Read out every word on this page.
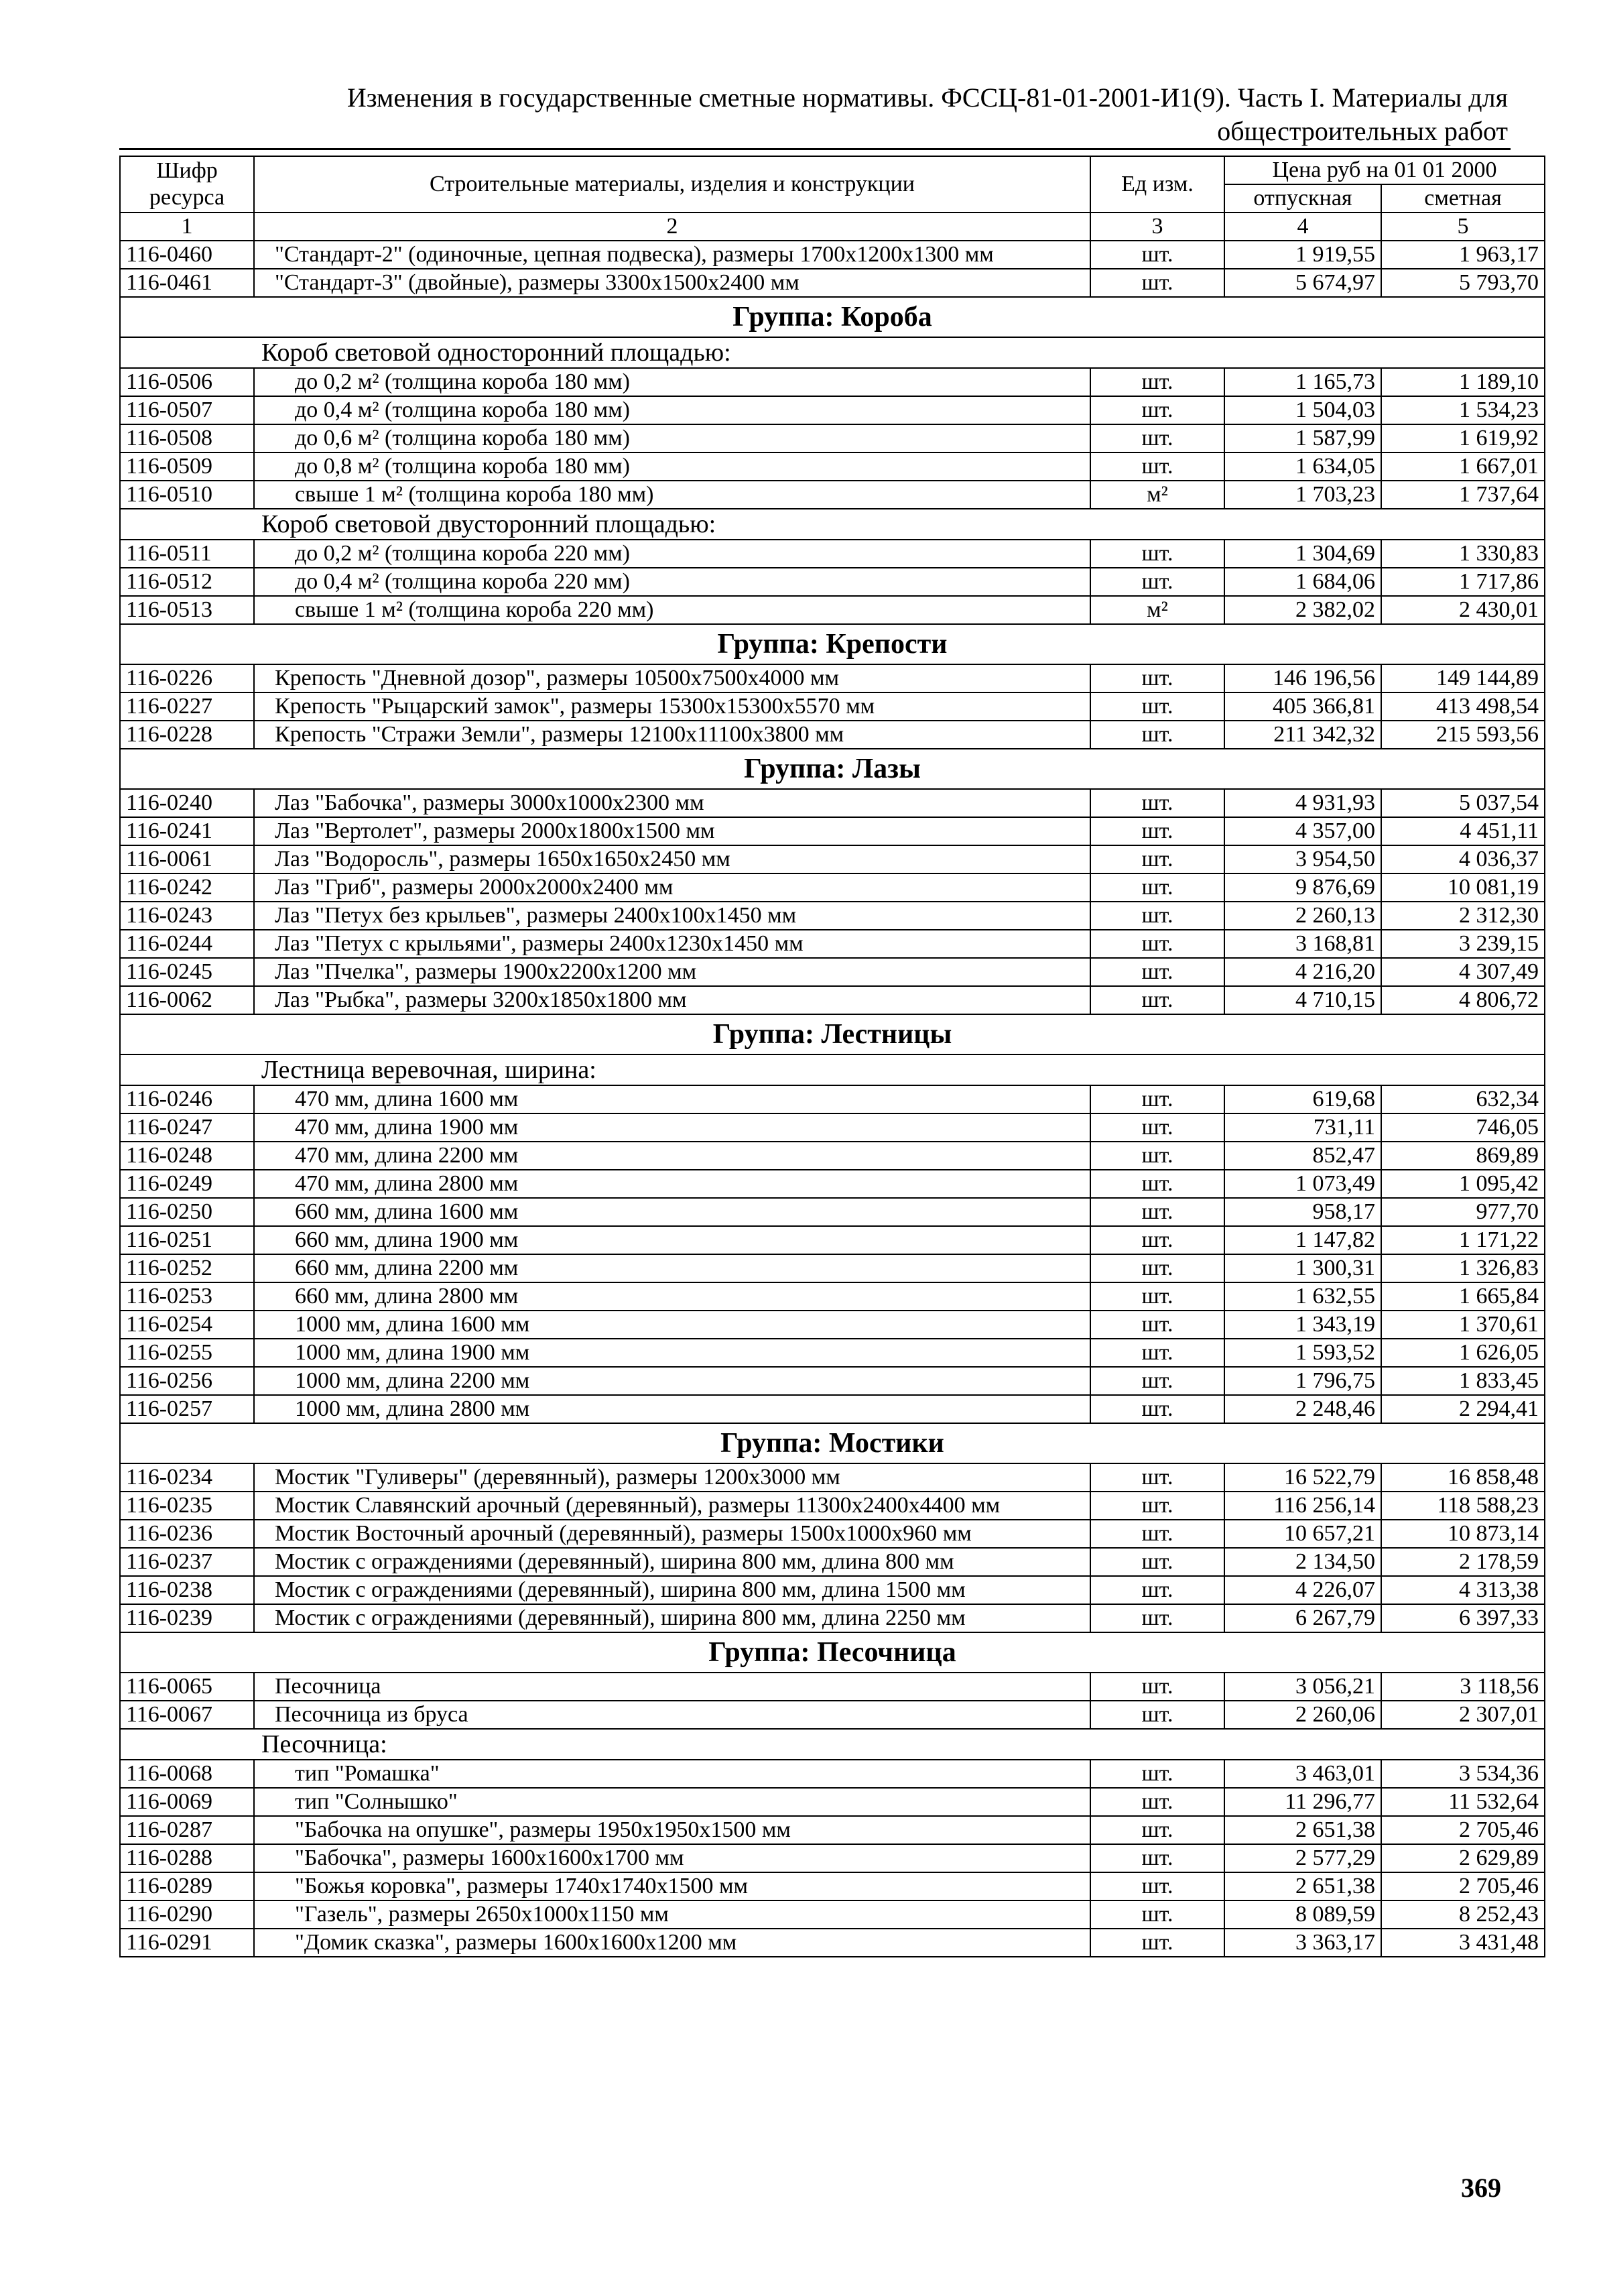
Изменения в государственные сметные нормативы. ФССЦ-81-01-2001-И1(9). Часть I. Материалы для
общестроительных работ
Шифр ресурса	Строительные материалы, изделия и конструкции	Ед изм.	Цена руб на 01 01 2000	
			отпускная	сметная
1	2	3	4	5
116-0460	"Стандарт-2" (одиночные, цепная подвеска), размеры 1700х1200х1300 мм	шт.	1 919,55	1 963,17
116-0461	"Стандарт-3" (двойные), размеры 3300х1500х2400 мм	шт.	5 674,97	5 793,70
Группа: Короба				
Короб световой односторонний площадью:				
116-0506	до 0,2 м² (толщина короба 180 мм)	шт.	1 165,73	1 189,10
116-0507	до 0,4 м² (толщина короба 180 мм)	шт.	1 504,03	1 534,23
116-0508	до 0,6 м² (толщина короба 180 мм)	шт.	1 587,99	1 619,92
116-0509	до 0,8 м² (толщина короба 180 мм)	шт.	1 634,05	1 667,01
116-0510	свыше 1 м² (толщина короба 180 мм)	м²	1 703,23	1 737,64
Короб световой двусторонний площадью:				
116-0511	до 0,2 м² (толщина короба 220 мм)	шт.	1 304,69	1 330,83
116-0512	до 0,4 м² (толщина короба 220 мм)	шт.	1 684,06	1 717,86
116-0513	свыше 1 м² (толщина короба 220 мм)	м²	2 382,02	2 430,01
Группа: Крепости				
116-0226	Крепость "Дневной дозор", размеры 10500х7500х4000 мм	шт.	146 196,56	149 144,89
116-0227	Крепость "Рыцарский замок", размеры 15300х15300х5570 мм	шт.	405 366,81	413 498,54
116-0228	Крепость "Стражи Земли", размеры 12100х11100х3800 мм	шт.	211 342,32	215 593,56
Группа: Лазы				
116-0240	Лаз "Бабочка", размеры 3000х1000х2300 мм	шт.	4 931,93	5 037,54
116-0241	Лаз "Вертолет", размеры 2000х1800х1500 мм	шт.	4 357,00	4 451,11
116-0061	Лаз "Водоросль", размеры 1650х1650х2450 мм	шт.	3 954,50	4 036,37
116-0242	Лаз "Гриб", размеры 2000х2000х2400 мм	шт.	9 876,69	10 081,19
116-0243	Лаз "Петух без крыльев", размеры 2400х100х1450 мм	шт.	2 260,13	2 312,30
116-0244	Лаз "Петух с крыльями", размеры 2400х1230х1450 мм	шт.	3 168,81	3 239,15
116-0245	Лаз "Пчелка", размеры 1900х2200х1200 мм	шт.	4 216,20	4 307,49
116-0062	Лаз "Рыбка", размеры 3200х1850х1800 мм	шт.	4 710,15	4 806,72
Группа: Лестницы				
Лестница веревочная, ширина:				
116-0246	470 мм, длина 1600 мм	шт.	619,68	632,34
116-0247	470 мм, длина 1900 мм	шт.	731,11	746,05
116-0248	470 мм, длина 2200 мм	шт.	852,47	869,89
116-0249	470 мм, длина 2800 мм	шт.	1 073,49	1 095,42
116-0250	660 мм, длина 1600 мм	шт.	958,17	977,70
116-0251	660 мм, длина 1900 мм	шт.	1 147,82	1 171,22
116-0252	660 мм, длина 2200 мм	шт.	1 300,31	1 326,83
116-0253	660 мм, длина 2800 мм	шт.	1 632,55	1 665,84
116-0254	1000 мм, длина 1600 мм	шт.	1 343,19	1 370,61
116-0255	1000 мм, длина 1900 мм	шт.	1 593,52	1 626,05
116-0256	1000 мм, длина 2200 мм	шт.	1 796,75	1 833,45
116-0257	1000 мм, длина 2800 мм	шт.	2 248,46	2 294,41
Группа: Мостики				
116-0234	Мостик "Гуливеры" (деревянный), размеры 1200х3000 мм	шт.	16 522,79	16 858,48
116-0235	Мостик Славянский арочный (деревянный), размеры 11300х2400х4400 мм	шт.	116 256,14	118 588,23
116-0236	Мостик Восточный арочный (деревянный), размеры 1500х1000х960 мм	шт.	10 657,21	10 873,14
116-0237	Мостик с ограждениями (деревянный), ширина 800 мм, длина 800 мм	шт.	2 134,50	2 178,59
116-0238	Мостик с ограждениями (деревянный), ширина 800 мм, длина 1500 мм	шт.	4 226,07	4 313,38
116-0239	Мостик с ограждениями (деревянный), ширина 800 мм, длина 2250 мм	шт.	6 267,79	6 397,33
Группа: Песочница				
116-0065	Песочница	шт.	3 056,21	3 118,56
116-0067	Песочница из бруса	шт.	2 260,06	2 307,01
Песочница:				
116-0068	тип "Ромашка"	шт.	3 463,01	3 534,36
116-0069	тип "Солнышко"	шт.	11 296,77	11 532,64
116-0287	"Бабочка на опушке", размеры 1950х1950х1500 мм	шт.	2 651,38	2 705,46
116-0288	"Бабочка", размеры 1600х1600х1700 мм	шт.	2 577,29	2 629,89
116-0289	"Божья коровка", размеры 1740х1740х1500 мм	шт.	2 651,38	2 705,46
116-0290	"Газель", размеры 2650х1000х1150 мм	шт.	8 089,59	8 252,43
116-0291	"Домик сказка", размеры 1600х1600х1200 мм	шт.	3 363,17	3 431,48
369
